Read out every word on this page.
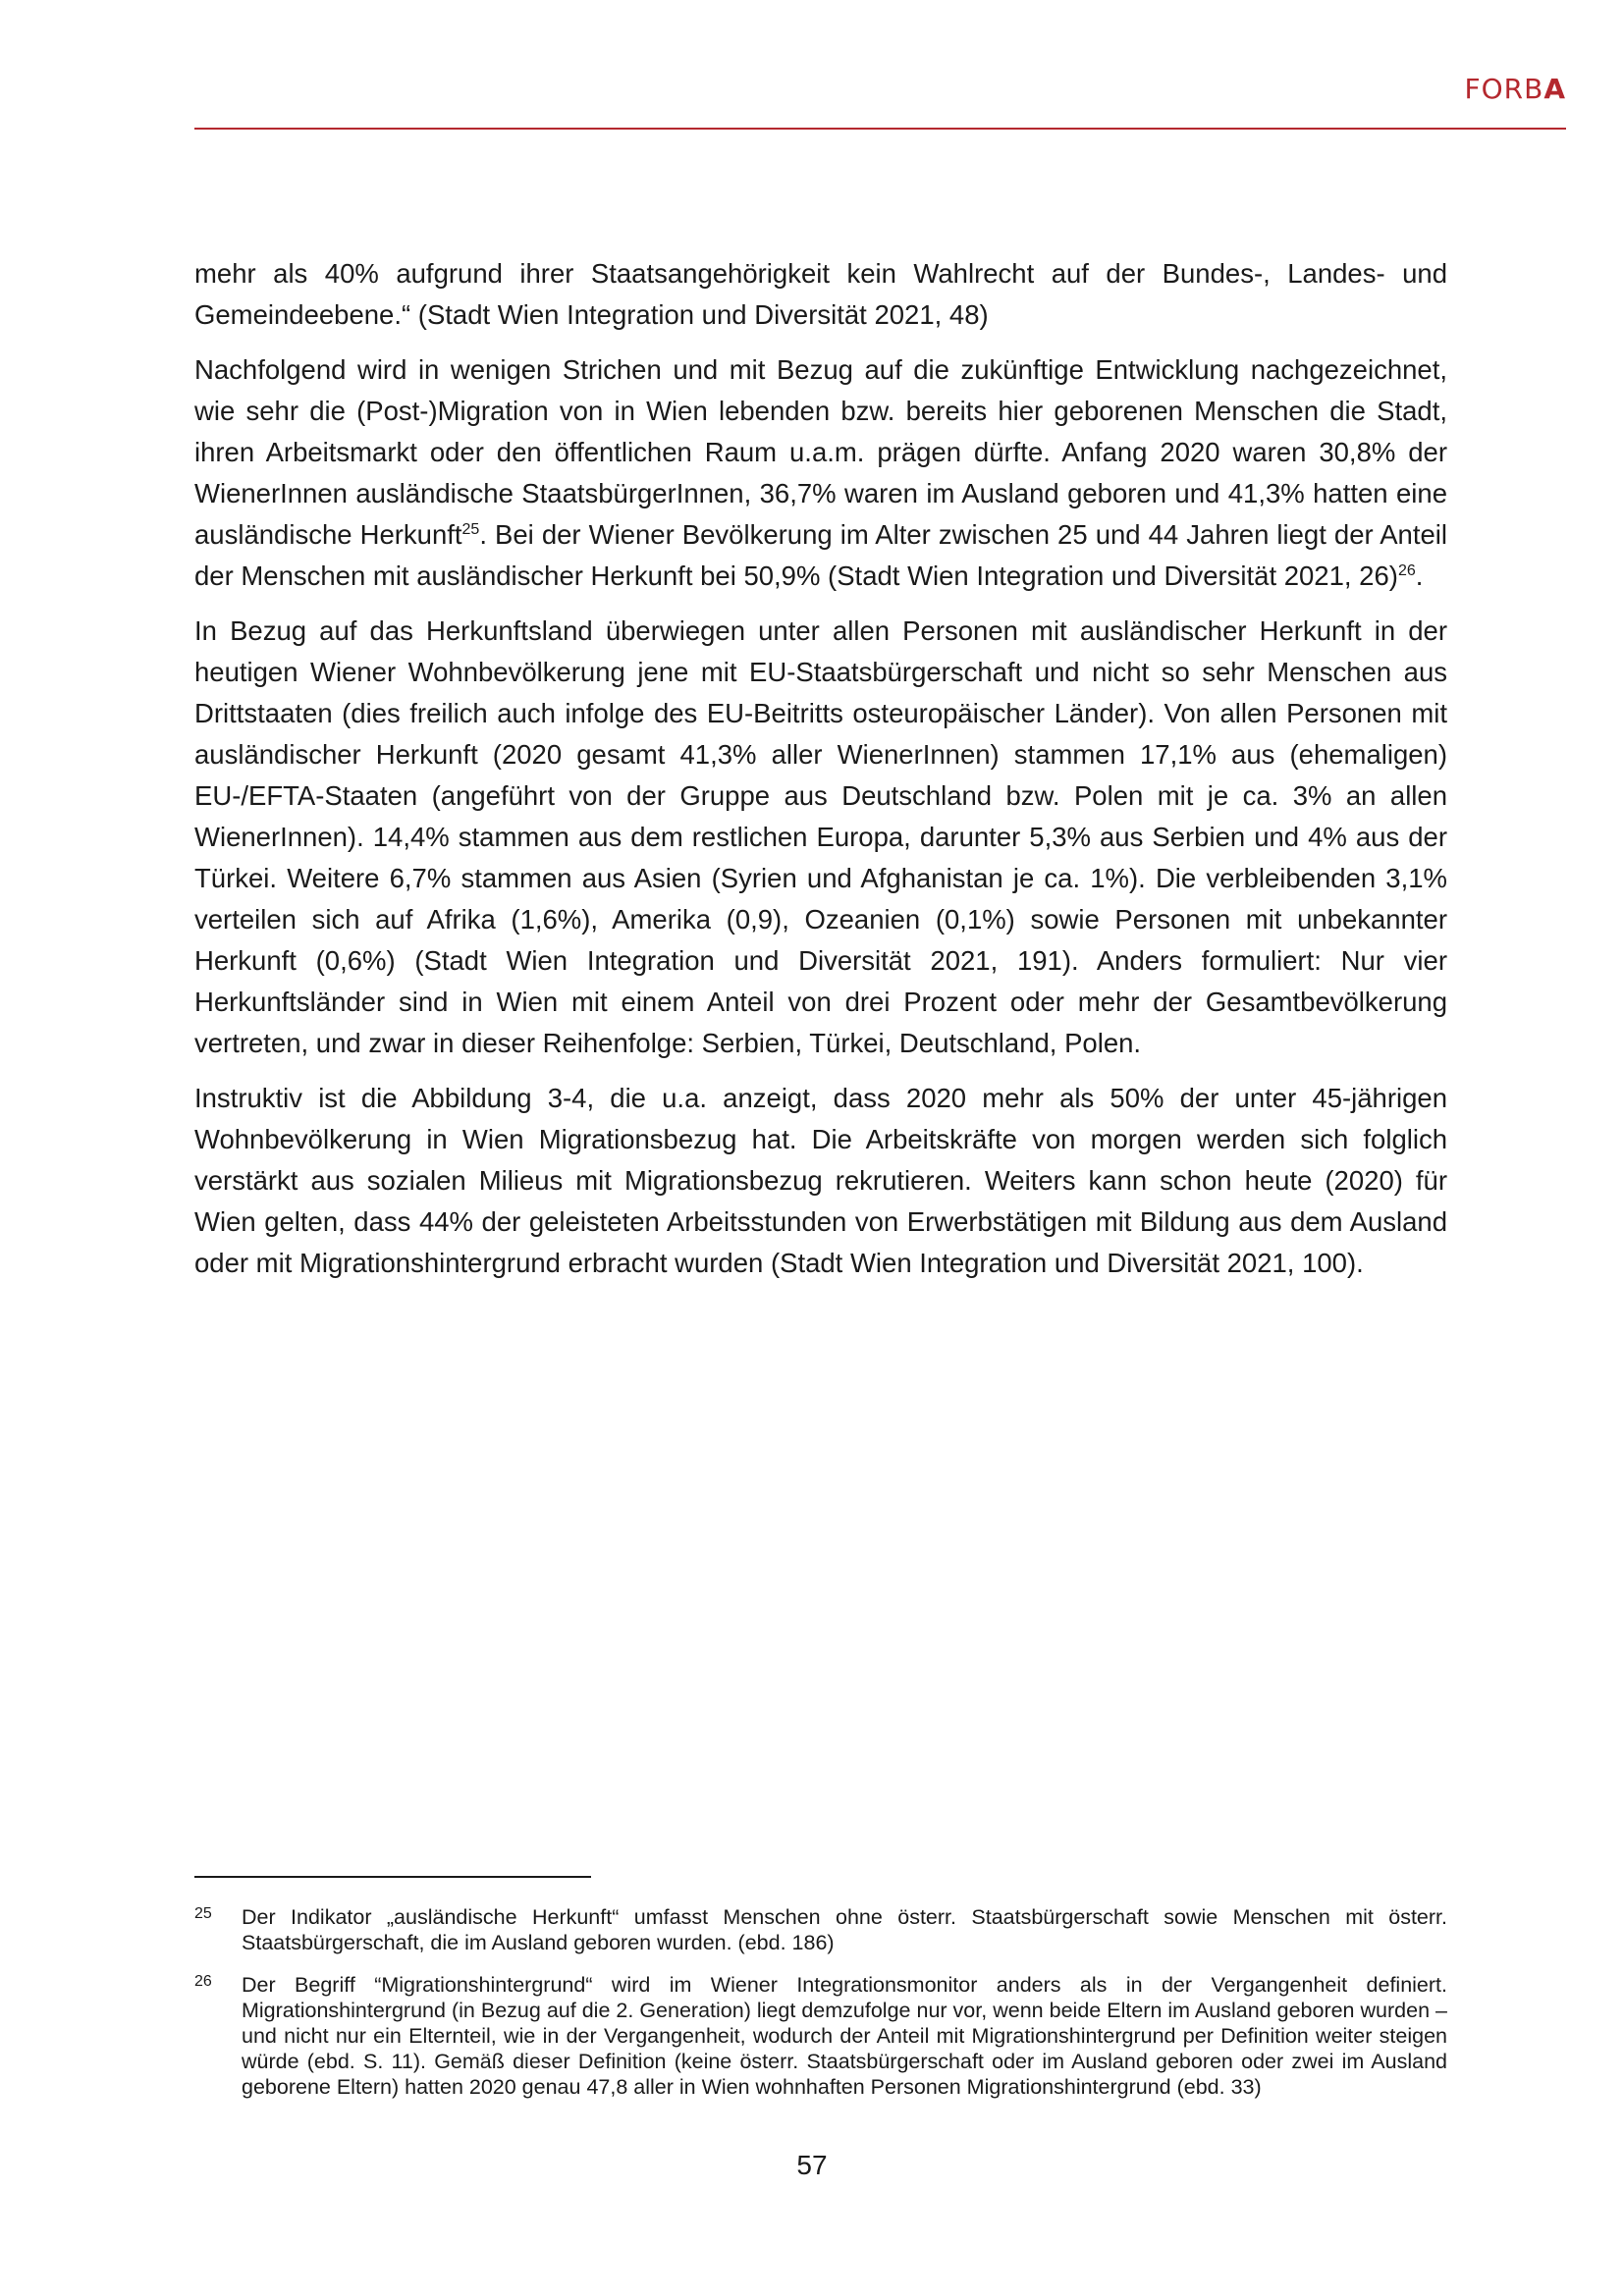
FORBA

mehr als 40% aufgrund ihrer Staatsangehörigkeit kein Wahlrecht auf der Bundes-, Landes- und Gemeindeebene.“ (Stadt Wien Integration und Diversität 2021, 48)

Nachfolgend wird in wenigen Strichen und mit Bezug auf die zukünftige Entwicklung nachgezeichnet, wie sehr die (Post-)Migration von in Wien lebenden bzw. bereits hier geborenen Menschen die Stadt, ihren Arbeitsmarkt oder den öffentlichen Raum u.a.m. prägen dürfte. Anfang 2020 waren 30,8% der WienerInnen ausländische StaatsbürgerInnen, 36,7% waren im Ausland geboren und 41,3% hatten eine ausländische Herkunft$^{25}$. Bei der Wiener Bevölkerung im Alter zwischen 25 und 44 Jahren liegt der Anteil der Menschen mit ausländischer Herkunft bei 50,9% (Stadt Wien Integration und Diversität 2021, 26)$^{26}$.

In Bezug auf das Herkunftsland überwiegen unter allen Personen mit ausländischer Herkunft in der heutigen Wiener Wohnbevölkerung jene mit EU-Staatsbürgerschaft und nicht so sehr Menschen aus Drittstaaten (dies freilich auch infolge des EU-Beitritts osteuropäischer Länder). Von allen Personen mit ausländischer Herkunft (2020 gesamt 41,3% aller WienerInnen) stammen 17,1% aus (ehemaligen) EU-/EFTA-Staaten (angeführt von der Gruppe aus Deutschland bzw. Polen mit je ca. 3% an allen WienerInnen). 14,4% stammen aus dem restlichen Europa, darunter 5,3% aus Serbien und 4% aus der Türkei. Weitere 6,7% stammen aus Asien (Syrien und Afghanistan je ca. 1%). Die verbleibenden 3,1% verteilen sich auf Afrika (1,6%), Amerika (0,9), Ozeanien (0,1%) sowie Personen mit unbekannter Herkunft (0,6%) (Stadt Wien Integration und Diversität 2021, 191). Anders formuliert: Nur vier Herkunftsländer sind in Wien mit einem Anteil von drei Prozent oder mehr der Gesamtbevölkerung vertreten, und zwar in dieser Reihenfolge: Serbien, Türkei, Deutschland, Polen.

Instruktiv ist die Abbildung 3-4, die u.a. anzeigt, dass 2020 mehr als 50% der unter 45-jährigen Wohnbevölkerung in Wien Migrationsbezug hat. Die Arbeitskräfte von morgen werden sich folglich verstärkt aus sozialen Milieus mit Migrationsbezug rekrutieren. Weiters kann schon heute (2020) für Wien gelten, dass 44% der geleisteten Arbeitsstunden von Erwerbstätigen mit Bildung aus dem Ausland oder mit Migrationshintergrund erbracht wurden (Stadt Wien Integration und Diversität 2021, 100).

25	Der Indikator „ausländische Herkunft“ umfasst Menschen ohne österr. Staatsbürgerschaft sowie Menschen mit österr. Staatsbürgerschaft, die im Ausland geboren wurden. (ebd. 186)
26	Der Begriff “Migrationshintergrund“ wird im Wiener Integrationsmonitor anders als in der Vergangenheit definiert. Migrationshintergrund (in Bezug auf die 2. Generation) liegt demzufolge nur vor, wenn beide Eltern im Ausland geboren wurden – und nicht nur ein Elternteil, wie in der Vergangenheit, wodurch der Anteil mit Migrationshintergrund per Definition weiter steigen würde (ebd. S. 11). Gemäß dieser Definition (keine österr. Staatsbürgerschaft oder im Ausland geboren oder zwei im Ausland geborene Eltern) hatten 2020 genau 47,8 aller in Wien wohnhaften Personen Migrationshintergrund (ebd. 33)
57
